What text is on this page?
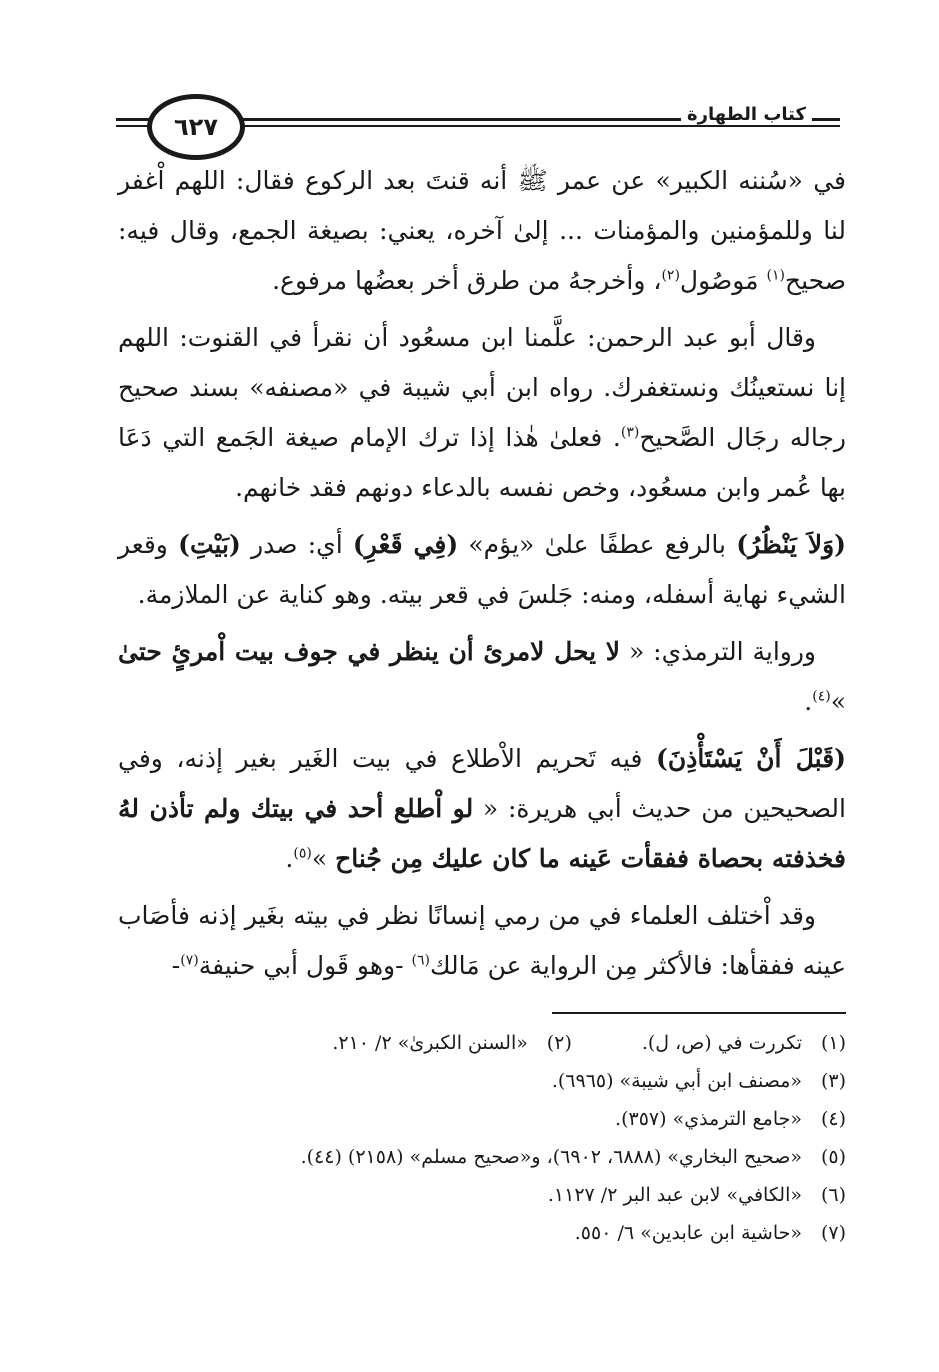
٦٢٧	كتاب الطهارة

في «سُننه الكبير» عن عمر ﷺ أنه قنتَ بعد الركوع فقال: اللهم اْغفر لنا وللمؤمنين والمؤمنات ... إلىٰ آخره، يعني: بصيغة الجمع، وقال فيه: صحيح$^{(١)}$ مَوصُول$^{(٢)}$، وأخرجهُ من طرق أخر بعضُها مرفوع.

وقال أبو عبد الرحمن: علَّمنا ابن مسعُود أن نقرأ في القنوت: اللهم إنا نستعينُك ونستغفرك. رواه ابن أبي شيبة في «مصنفه» بسند صحيح رجاله رجَال الصَّحيح$^{(٣)}$. فعلىٰ هٰذا إذا ترك الإمام صيغة الجَمع التي دَعَا بها عُمر وابن مسعُود، وخص نفسه بالدعاء دونهم فقد خانهم.

(وَلاَ يَنْظُرُ) بالرفع عطفًا علىٰ «يؤم» (فِي قَعْرِ) أي: صدر (بَيْتِ) وقعر الشيء نهاية أسفله، ومنه: جَلسَ في قعر بيته. وهو كناية عن الملازمة.

ورواية الترمذي: « لا يحل لامرئ أن ينظر في جوف بيت اْمرئٍ حتىٰ »$^{(٤)}$.

(قَبْلَ أَنْ يَسْتَأْذِنَ) فيه تَحريم الاْطلاع في بيت الغَير بغير إذنه، وفي الصحيحين من حديث أبي هريرة: « لو اْطلع أحد في بيتك ولم تأذن لهُ فخذفته بحصاة ففقأت عَينه ما كان عليك مِن جُناح »$^{(٥)}$.

وقد اْختلف العلماء في من رمي إنسانًا نظر في بيته بغَير إذنه فأصَاب عينه ففقأها: فالأكثر مِن الرواية عن مَالك$^{(٦)}$ -وهو قَول أبي حنيفة$^{(٧)}$-

(١)تكررت في (ص، ل).
(٢)«السنن الكبرىٰ» ٢/ ٢١٠.
(٣)«مصنف ابن أبي شيبة» (٦٩٦٥).
(٤)«جامع الترمذي» (٣٥٧).
(٥)«صحيح البخاري» (٦٨٨٨، ٦٩٠٢)، و«صحيح مسلم» (٢١٥٨) (٤٤).
(٦)«الكافي» لابن عبد البر ٢/ ١١٢٧.
(٧)«حاشية ابن عابدين» ٦/ ٥٥٠.
